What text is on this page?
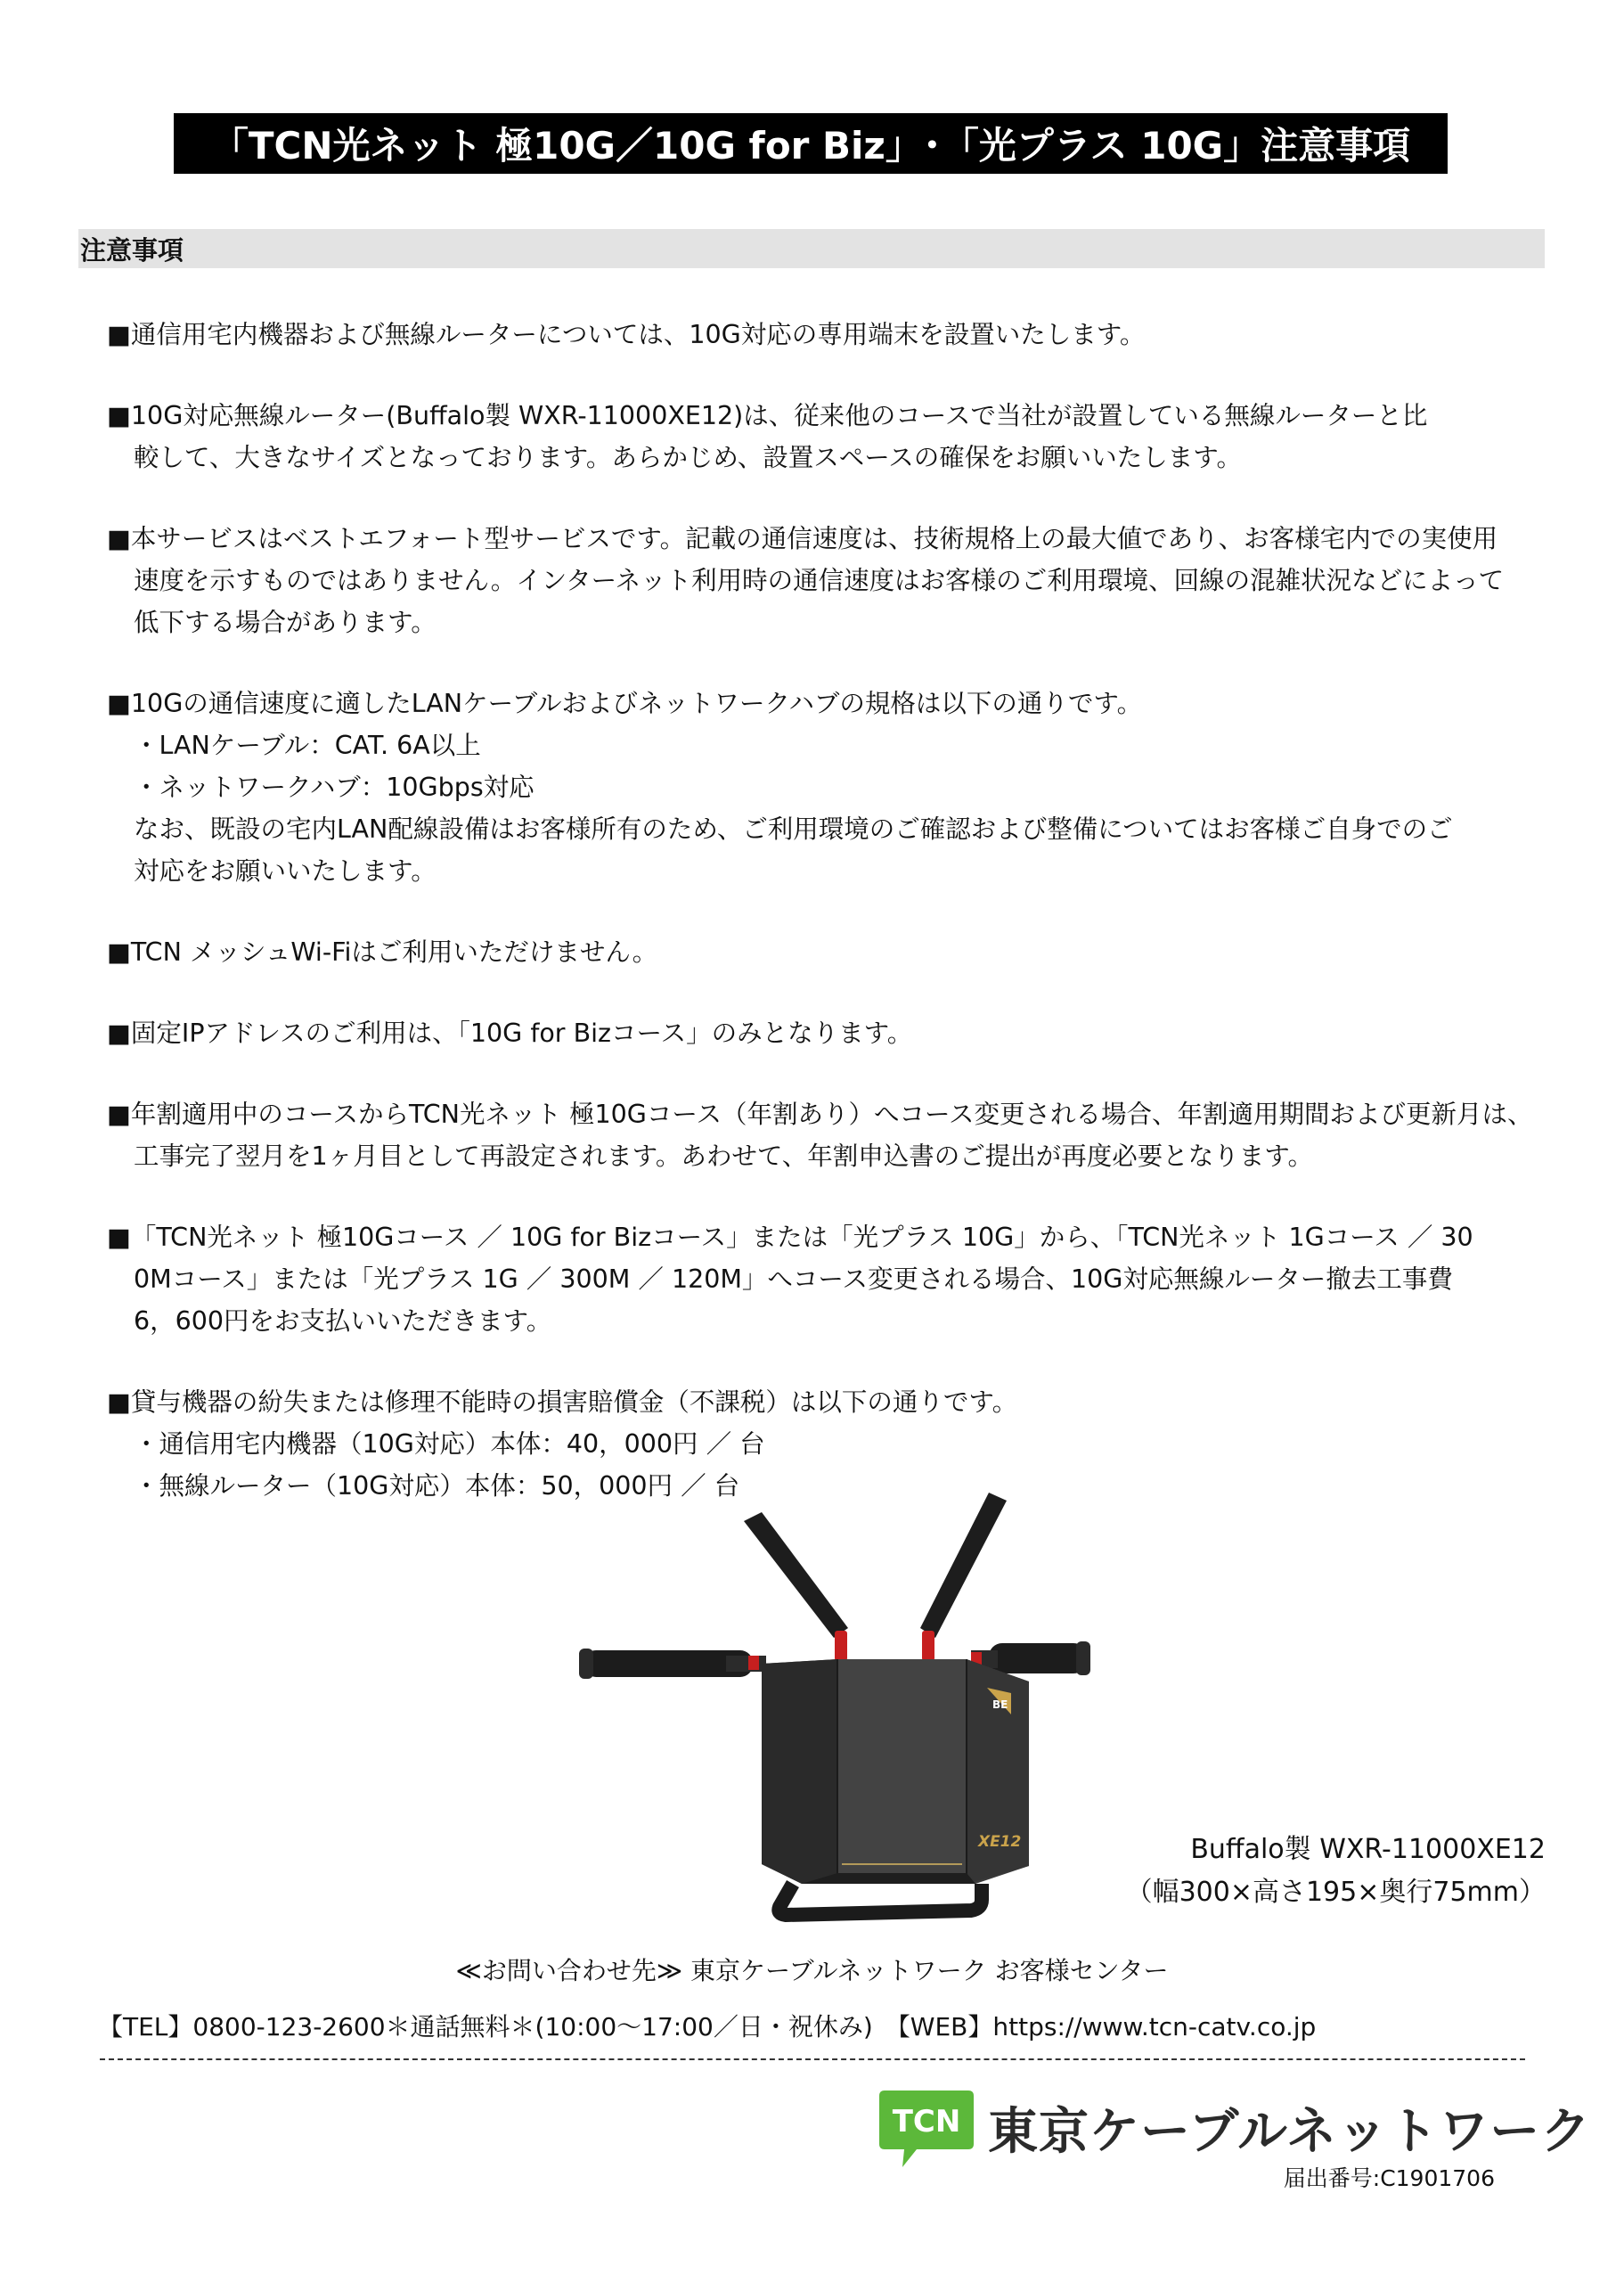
「TCN光ネット 極10G／10G for Biz」･「光プラス 10G」注意事項
注意事項
■通信用宅内機器および無線ルーターについては、10G対応の専用端末を設置いたします。
■10G対応無線ルーター(Buffalo製 WXR-11000XE12)は、従来他のコースで当社が設置している無線ルーターと比
較して、大きなサイズとなっております。あらかじめ、設置スペースの確保をお願いいたします。
■本サービスはベストエフォート型サービスです。記載の通信速度は、技術規格上の最大値であり、お客様宅内での実使用
速度を示すものではありません。インターネット利用時の通信速度はお客様のご利用環境、回線の混雑状況などによって
低下する場合があります。
■10Gの通信速度に適したLANケーブルおよびネットワークハブの規格は以下の通りです。
・LANケーブル：CAT. 6A以上
・ネットワークハブ：10Gbps対応
なお、既設の宅内LAN配線設備はお客様所有のため、ご利用環境のご確認および整備についてはお客様ご自身でのご
対応をお願いいたします。
■TCN メッシュWi-Fiはご利用いただけません。
■固定IPアドレスのご利用は、「10G for Bizコース」のみとなります。
■年割適用中のコースからTCN光ネット 極10Gコース（年割あり）へコース変更される場合、年割適用期間および更新月は、
工事完了翌月を1ヶ月目として再設定されます。あわせて、年割申込書のご提出が再度必要となります。
■「TCN光ネット 極10Gコース ／ 10G for Bizコース」または「光プラス 10G」から、「TCN光ネット 1Gコース ／ 30
0Mコース」または「光プラス 1G ／ 300M ／ 120M」へコース変更される場合、10G対応無線ルーター撤去工事費
6，600円をお支払いいただきます。
■貸与機器の紛失または修理不能時の損害賠償金（不課税）は以下の通りです。
・通信用宅内機器（10G対応）本体：40，000円 ／ 台
・無線ルーター（10G対応）本体：50，000円 ／ 台
BE
XE12	Buffalo製 WXR-11000XE12
（幅300×高さ195×奥行75mm）
≪お問い合わせ先≫ 東京ケーブルネットワーク お客様センター
【TEL】0800-123-2600＊通話無料＊(10:00〜17:00／日・祝休み)　【WEB】https://www.tcn-catv.co.jp
TCN 東京ケーブルネットワーク
届出番号:C1901706
